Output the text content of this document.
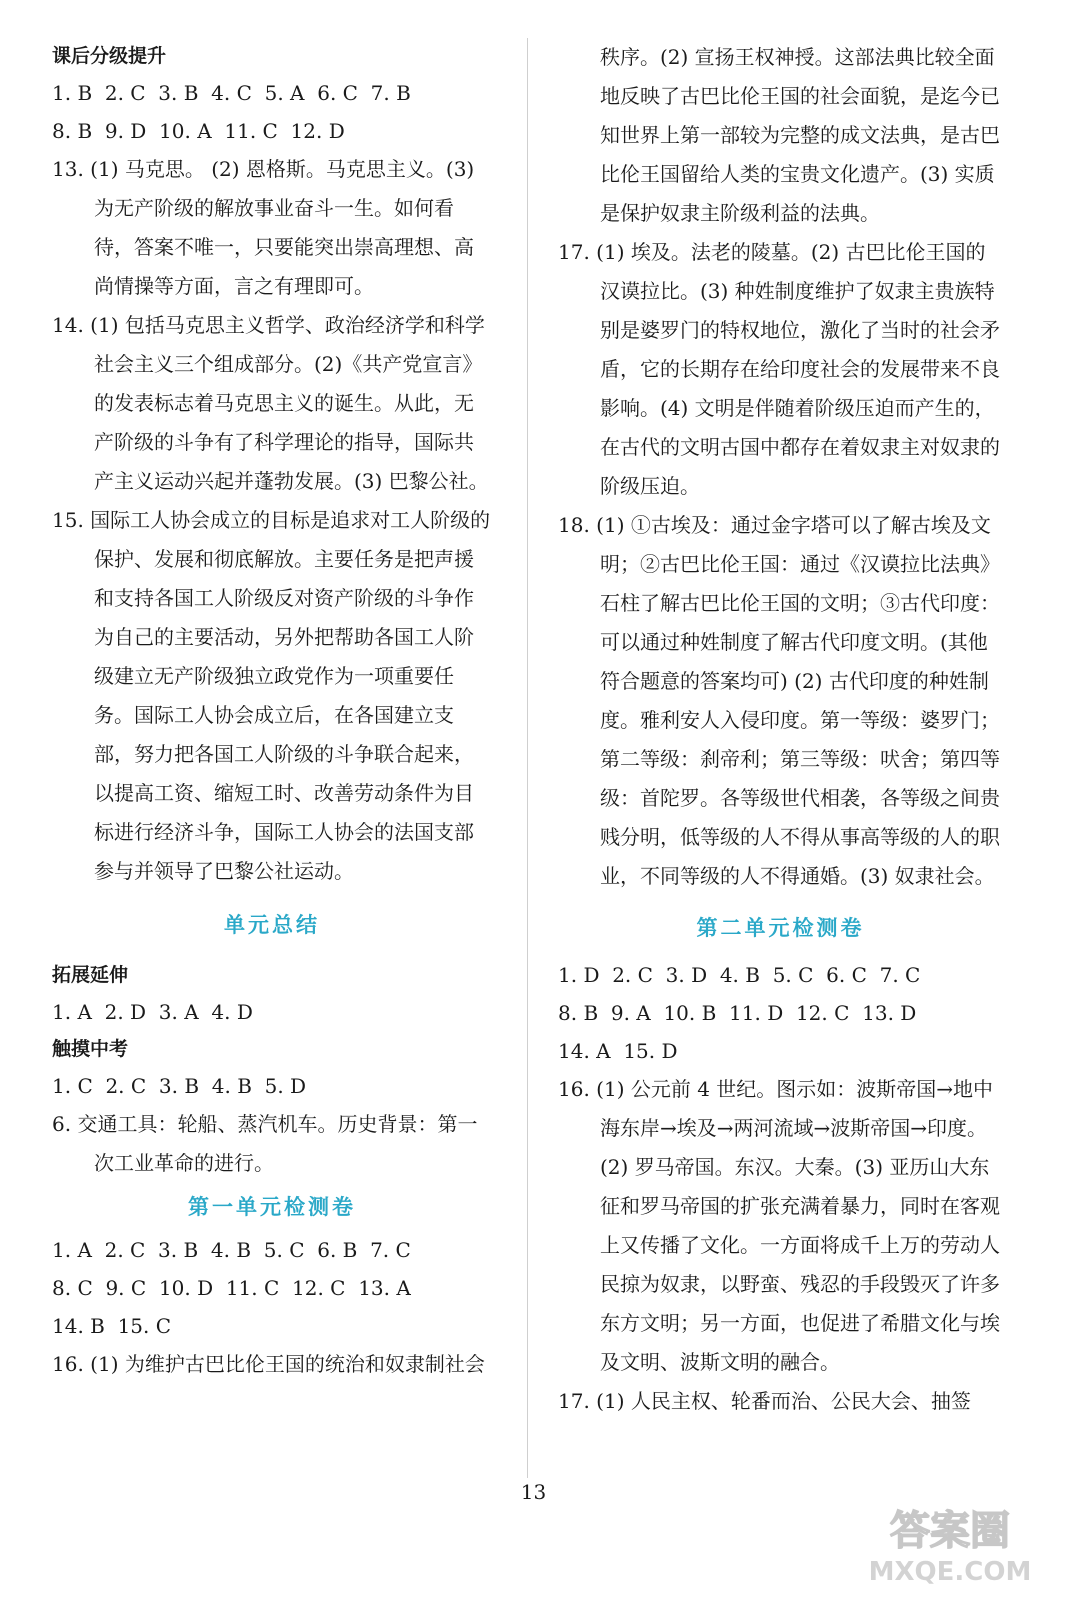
课后分级提升

1. B  2. C  3. B  4. C  5. A  6. C  7. B

8. B  9. D  10. A  11. C  12. D

13. (1) 马克思。 (2) 恩格斯。马克思主义。(3) 为无产阶级的解放事业奋斗一生。如何看待，答案不唯一，只要能突出崇高理想、高尚情操等方面，言之有理即可。

14. (1) 包括马克思主义哲学、政治经济学和科学社会主义三个组成部分。(2)《共产党宣言》的发表标志着马克思主义的诞生。从此，无产阶级的斗争有了科学理论的指导，国际共产主义运动兴起并蓬勃发展。(3) 巴黎公社。

15. 国际工人协会成立的目标是追求对工人阶级的保护、发展和彻底解放。主要任务是把声援和支持各国工人阶级反对资产阶级的斗争作为自己的主要活动，另外把帮助各国工人阶级建立无产阶级独立政党作为一项重要任务。国际工人协会成立后，在各国建立支部，努力把各国工人阶级的斗争联合起来，以提高工资、缩短工时、改善劳动条件为目标进行经济斗争，国际工人协会的法国支部参与并领导了巴黎公社运动。

单元总结

拓展延伸

1. A  2. D  3. A  4. D

触摸中考

1. C  2. C  3. B  4. B  5. D

6. 交通工具：轮船、蒸汽机车。历史背景：第一次工业革命的进行。

第一单元检测卷

1. A  2. C  3. B  4. B  5. C  6. B  7. C

8. C  9. C  10. D  11. C  12. C  13. A

14. B  15. C

16. (1) 为维护古巴比伦王国的统治和奴隶制社会

秩序。(2) 宣扬王权神授。这部法典比较全面地反映了古巴比伦王国的社会面貌，是迄今已知世界上第一部较为完整的成文法典，是古巴比伦王国留给人类的宝贵文化遗产。(3) 实质是保护奴隶主阶级利益的法典。

17. (1) 埃及。法老的陵墓。(2) 古巴比伦王国的汉谟拉比。(3) 种姓制度维护了奴隶主贵族特别是婆罗门的特权地位，激化了当时的社会矛盾，它的长期存在给印度社会的发展带来不良影响。(4) 文明是伴随着阶级压迫而产生的，在古代的文明古国中都存在着奴隶主对奴隶的阶级压迫。

18. (1) ①古埃及：通过金字塔可以了解古埃及文明；②古巴比伦王国：通过《汉谟拉比法典》石柱了解古巴比伦王国的文明；③古代印度：可以通过种姓制度了解古代印度文明。(其他符合题意的答案均可) (2) 古代印度的种姓制度。雅利安人入侵印度。第一等级：婆罗门；第二等级：刹帝利；第三等级：吠舍；第四等级：首陀罗。各等级世代相袭，各等级之间贵贱分明，低等级的人不得从事高等级的人的职业，不同等级的人不得通婚。(3) 奴隶社会。

第二单元检测卷

1. D  2. C  3. D  4. B  5. C  6. C  7. C

8. B  9. A  10. B  11. D  12. C  13. D

14. A  15. D

16. (1) 公元前 4 世纪。图示如：波斯帝国→地中海东岸→埃及→两河流域→波斯帝国→印度。(2) 罗马帝国。东汉。大秦。(3) 亚历山大东征和罗马帝国的扩张充满着暴力，同时在客观上又传播了文化。一方面将成千上万的劳动人民掠为奴隶，以野蛮、残忍的手段毁灭了许多东方文明；另一方面，也促进了希腊文化与埃及文明、波斯文明的融合。

17. (1) 人民主权、轮番而治、公民大会、抽签

13
答案圈
MXQE.COM
